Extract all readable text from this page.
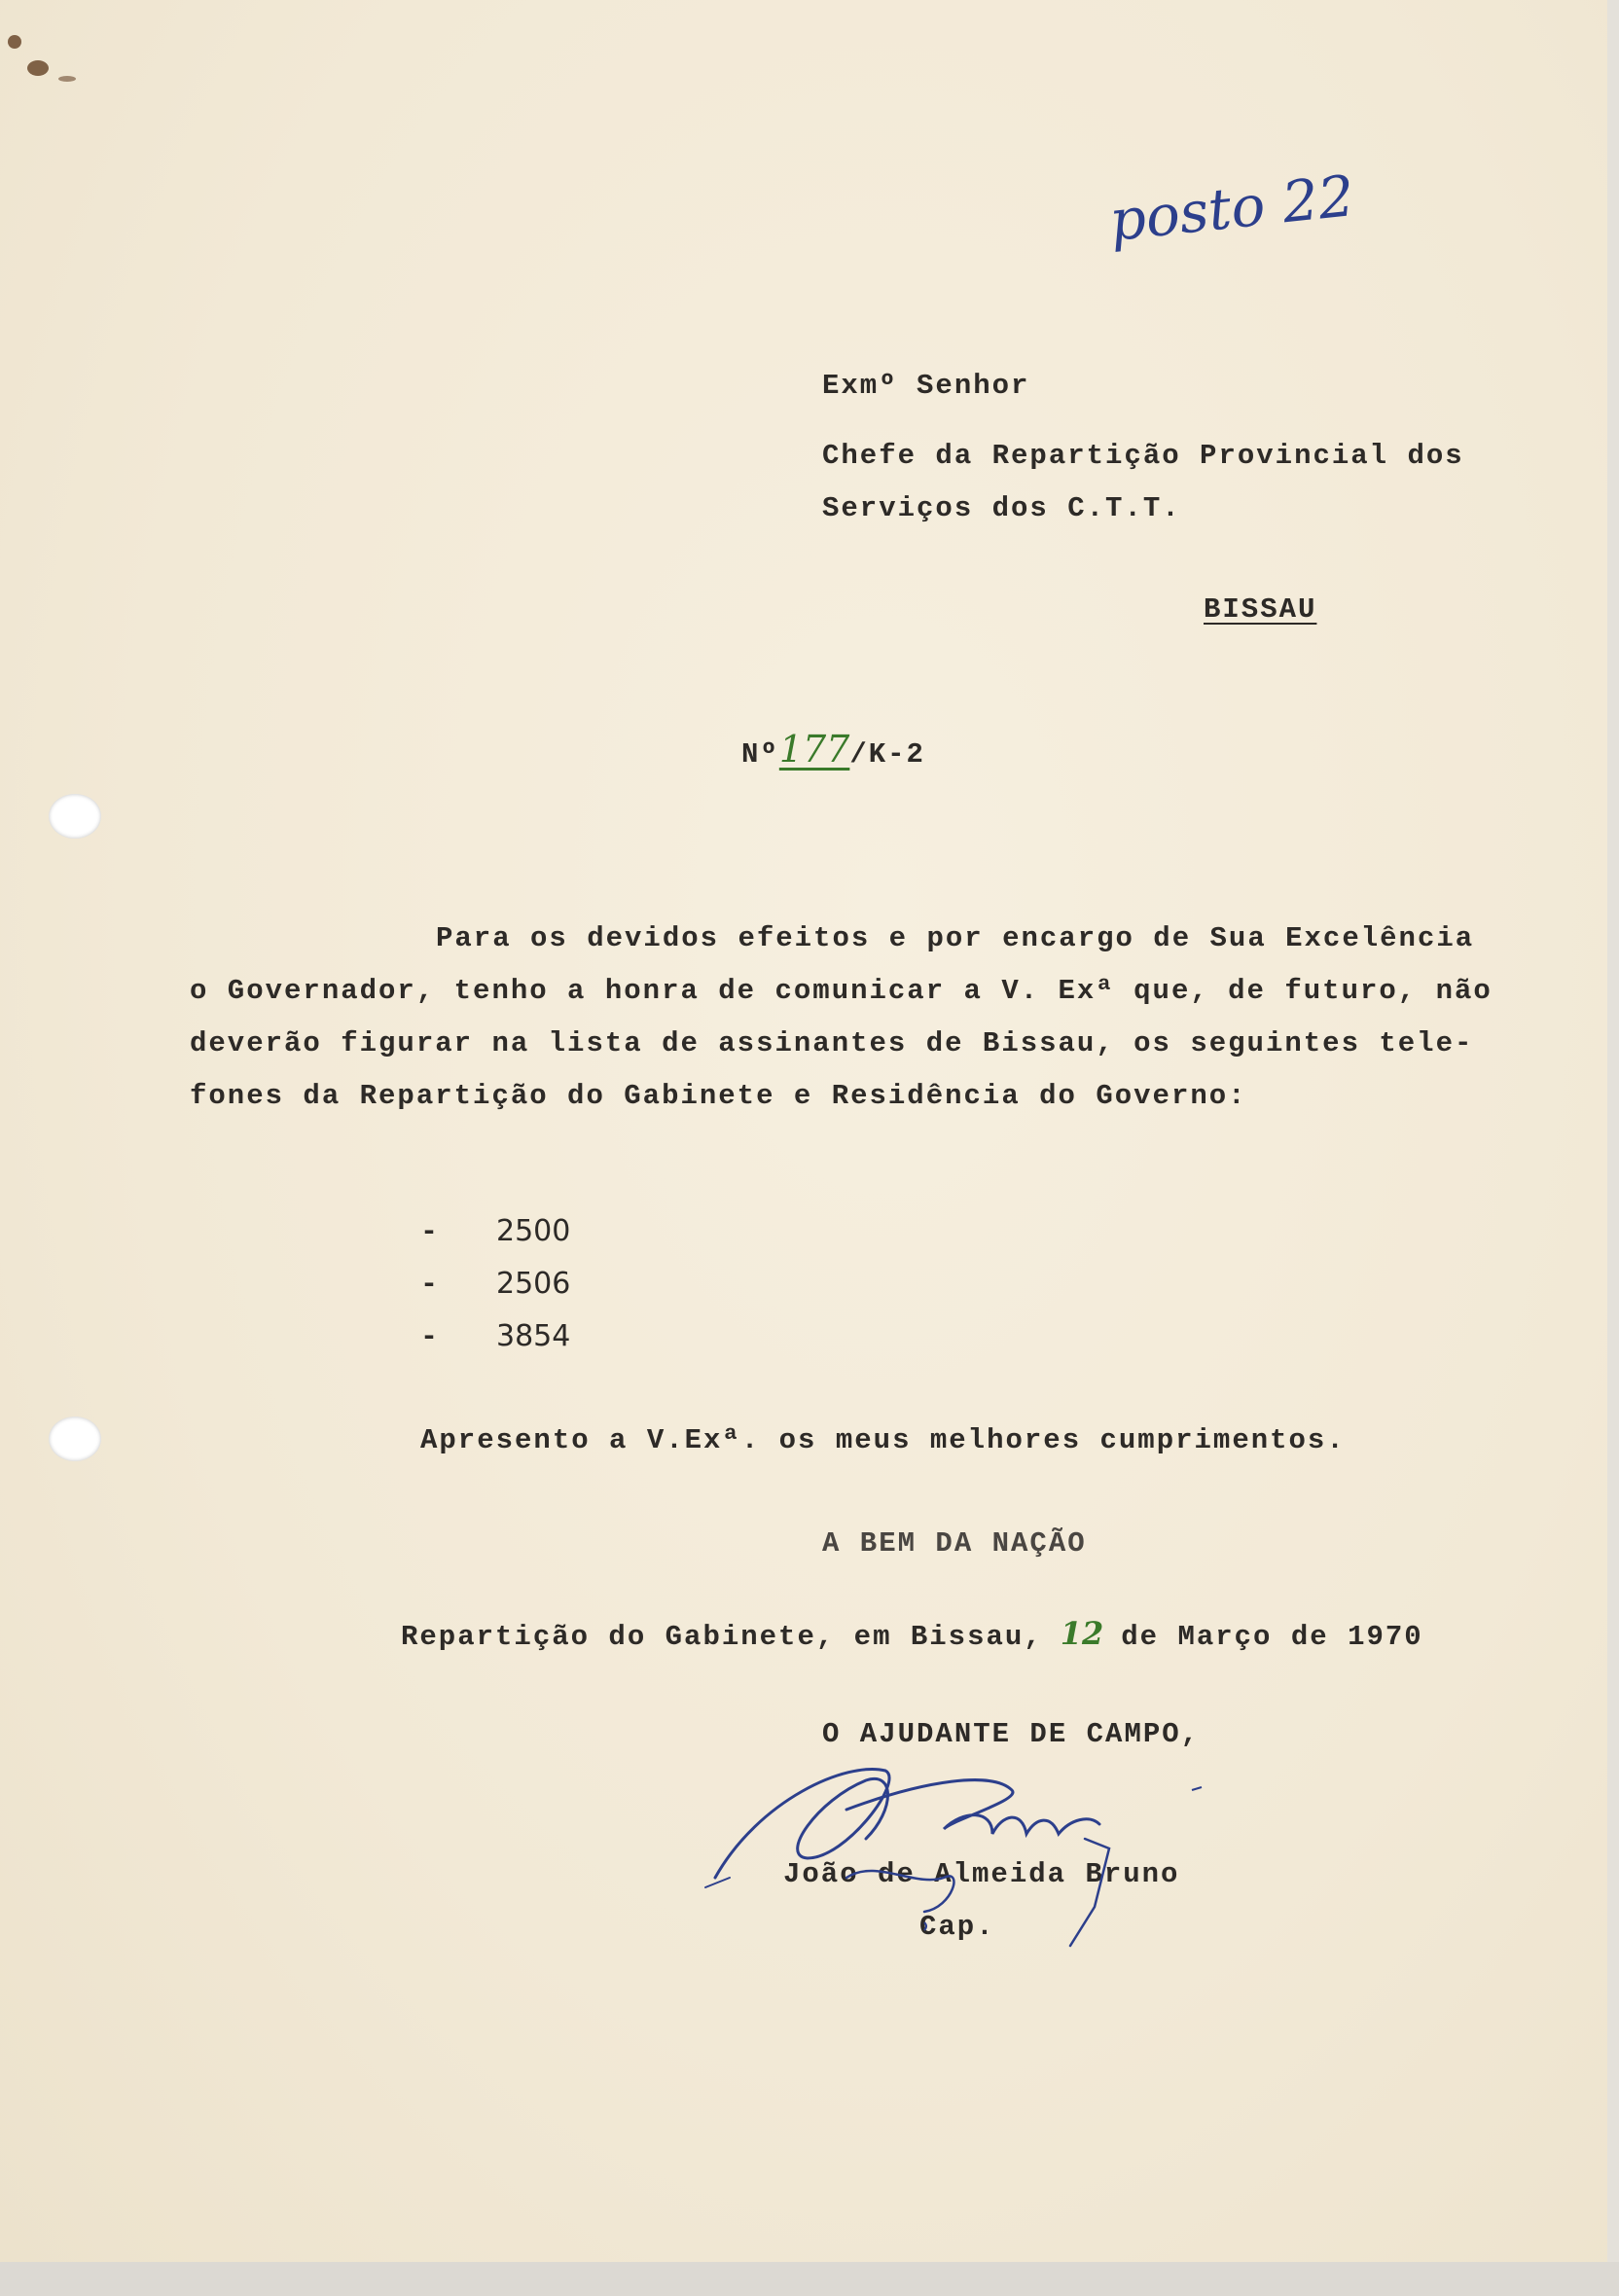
posto 22
Exmº Senhor
Chefe da Repartição Provincial dos
Serviços dos C.T.T.
BISSAU
Nº177/K-2
Para os devidos efeitos e por encargo de Sua Excelência
o Governador, tenho a honra de comunicar a V. Exª que, de futuro, não
deverão figurar na lista de assinantes de Bissau, os seguintes tele-
fones da Repartição do Gabinete e Residência do Governo:
- 2500
- 2506
- 3854
Apresento a V.Exª. os meus melhores cumprimentos.
A BEM DA NAÇÃO
Repartição do Gabinete, em Bissau, 12 de Março de 1970
O AJUDANTE DE CAMPO,
João de Almeida Bruno
Cap.
